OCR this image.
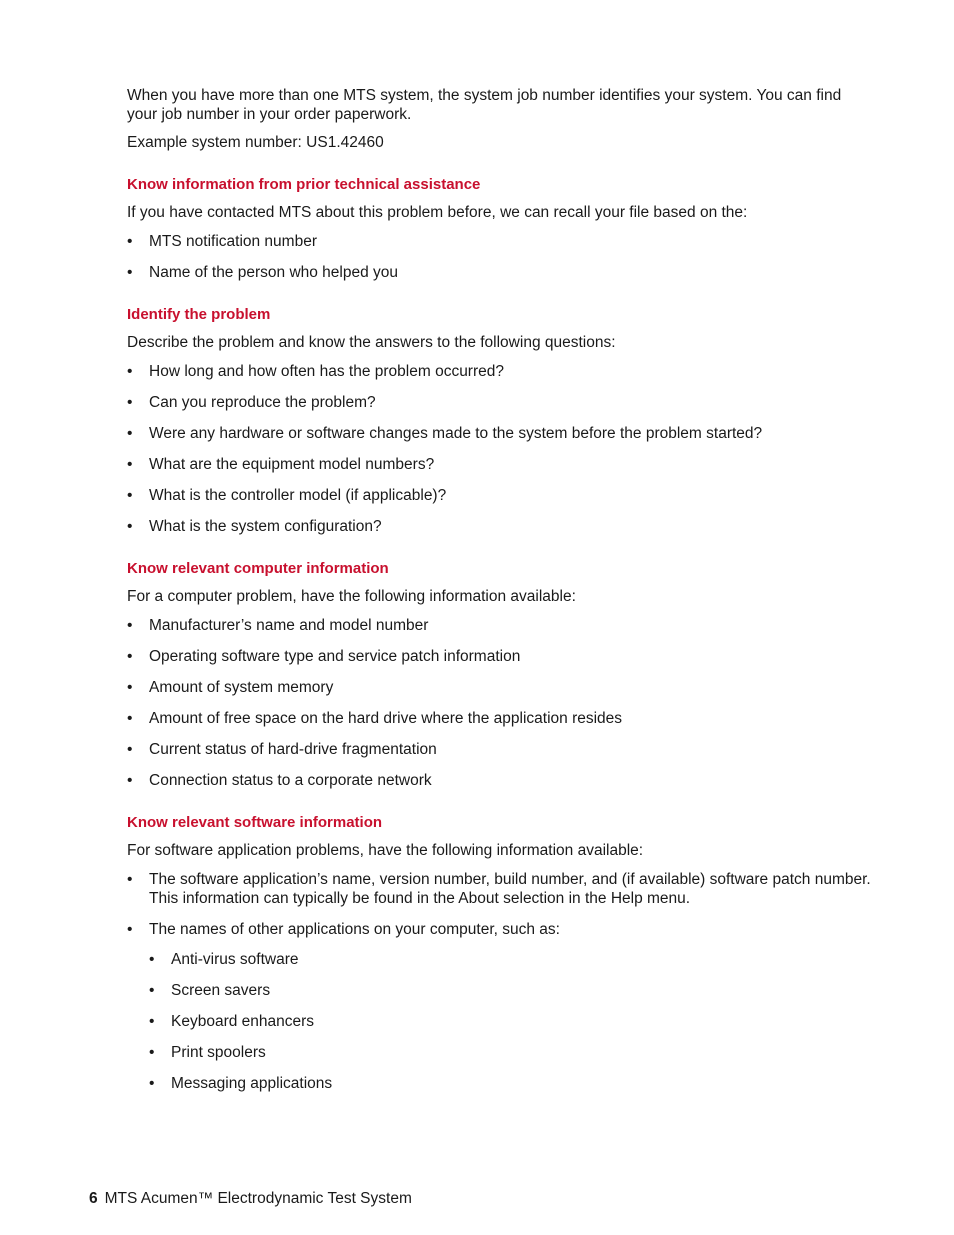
When you have more than one MTS system, the system job number identifies your system. You can find your job number in your order paperwork.

Example system number: US1.42460

Know information from prior technical assistance

If you have contacted MTS about this problem before, we can recall your file based on the:

• MTS notification number
• Name of the person who helped you

Identify the problem

Describe the problem and know the answers to the following questions:

• How long and how often has the problem occurred?
• Can you reproduce the problem?
• Were any hardware or software changes made to the system before the problem started?
• What are the equipment model numbers?
• What is the controller model (if applicable)?
• What is the system configuration?

Know relevant computer information

For a computer problem, have the following information available:

• Manufacturer’s name and model number
• Operating software type and service patch information
• Amount of system memory
• Amount of free space on the hard drive where the application resides
• Current status of hard-drive fragmentation
• Connection status to a corporate network

Know relevant software information

For software application problems, have the following information available:

• The software application’s name, version number, build number, and (if available) software patch number. This information can typically be found in the About selection in the Help menu.
• The names of other applications on your computer, such as:
• Anti-virus software
• Screen savers
• Keyboard enhancers
• Print spoolers
• Messaging applications
6 MTS Acumen™ Electrodynamic Test System
